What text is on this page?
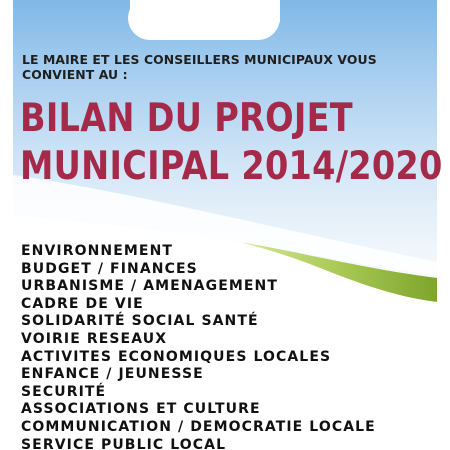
LE MAIRE ET LES CONSEILLERS MUNICIPAUX VOUS
CONVIENT AU :

BILAN DU PROJET
MUNICIPAL 2014/2020
ENVIRONNEMENT
BUDGET / FINANCES
URBANISME / AMENAGEMENT
CADRE DE VIE
SOLIDARITÉ SOCIAL SANTÉ
VOIRIE RESEAUX
ACTIVITES ECONOMIQUES LOCALES
ENFANCE / JEUNESSE
SECURITÉ
ASSOCIATIONS ET CULTURE
COMMUNICATION / DEMOCRATIE LOCALE
SERVICE PUBLIC LOCAL
